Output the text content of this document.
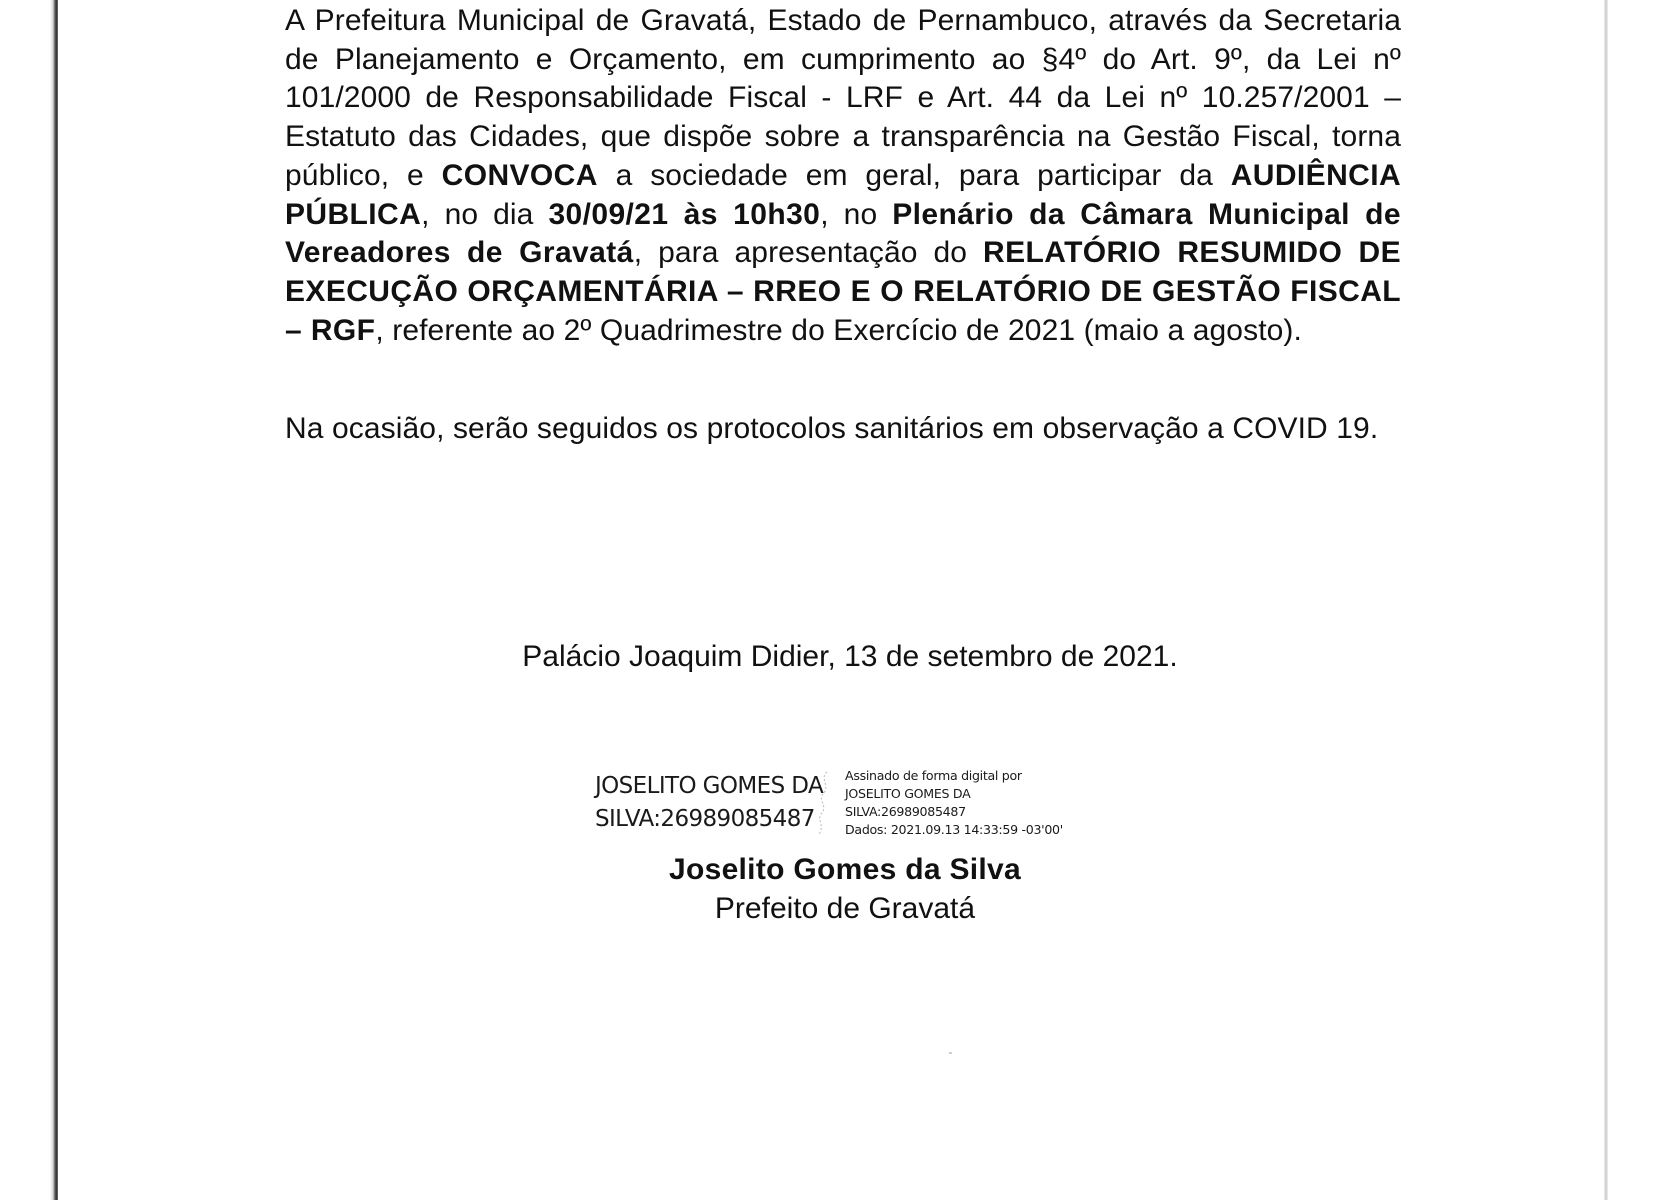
A Prefeitura Municipal de Gravatá, Estado de Pernambuco, através da Secretaria de Planejamento e Orçamento, em cumprimento ao §4º do Art. 9º, da Lei nº 101/2000 de Responsabilidade Fiscal - LRF e Art. 44 da Lei nº 10.257/2001 – Estatuto das Cidades, que dispõe sobre a transparência na Gestão Fiscal, torna público, e CONVOCA a sociedade em geral, para participar da AUDIÊNCIA PÚBLICA, no dia 30/09/21 às 10h30, no Plenário da Câmara Municipal de Vereadores de Gravatá, para apresentação do RELATÓRIO RESUMIDO DE EXECUÇÃO ORÇAMENTÁRIA – RREO E O RELATÓRIO DE GESTÃO FISCAL – RGF, referente ao 2º Quadrimestre do Exercício de 2021 (maio a agosto).

Na ocasião, serão seguidos os protocolos sanitários em observação a COVID 19.

Palácio Joaquim Didier, 13 de setembro de 2021.

JOSELITO GOMES DA
SILVA:26989085487
Assinado de forma digital por
JOSELITO GOMES DA
SILVA:26989085487
Dados: 2021.09.13 14:33:59 -03'00'

Joselito Gomes da Silva

Prefeito de Gravatá
